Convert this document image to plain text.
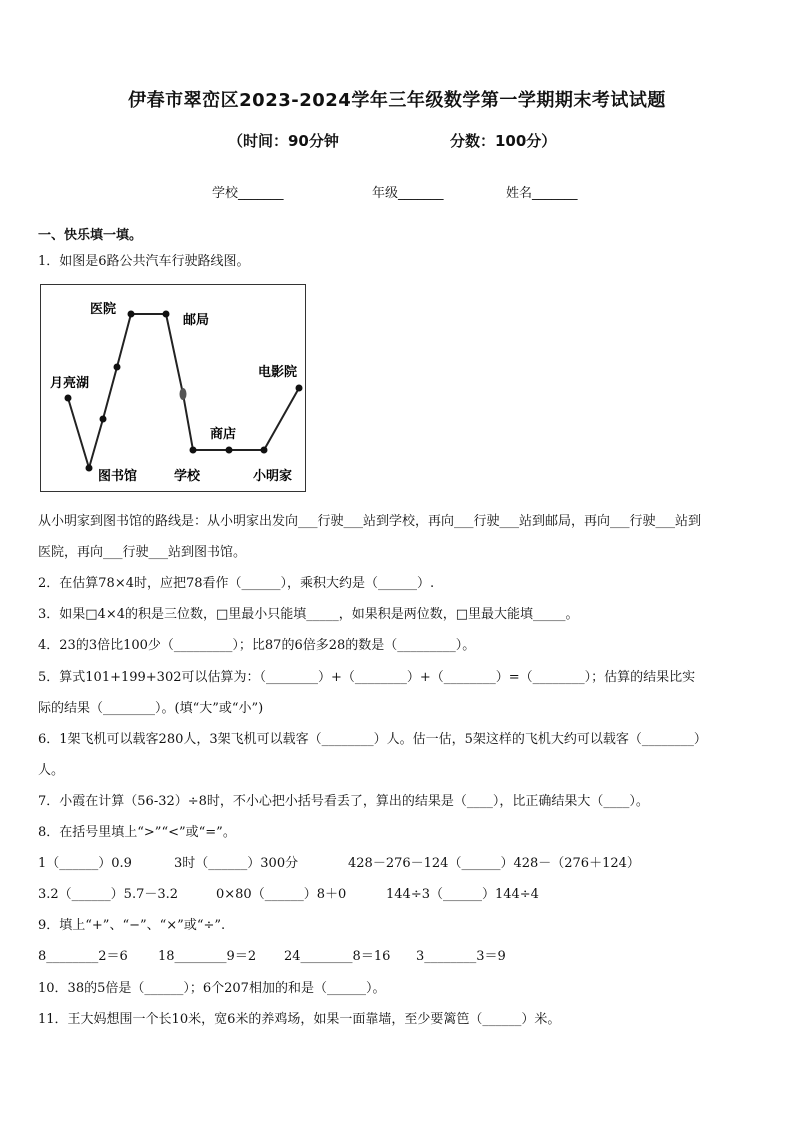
伊春市翠峦区2023-2024学年三年级数学第一学期期末考试试题
（时间：90分钟	分数：100分）
学校_______	年级_______	姓名_______
一、快乐填一填。
1．如图是6路公共汽车行驶路线图。
医院
邮局
月亮湖
电影院
商店
图书馆	学校	小明家
从小明家到图书馆的路线是：从小明家出发向___行驶___站到学校，再向___行驶___站到邮局，再向___行驶___站到
医院，再向___行驶___站到图书馆。
2．在估算78×4时，应把78看作（______），乘积大约是（______）.
3．如果□4×4的积是三位数，□里最小只能填_____，如果积是两位数，□里最大能填_____。
4．23的3倍比100少（_________）；比87的6倍多28的数是（_________）。
5．算式101+199+302可以估算为：（________）+（________）+（________）=（________）；估算的结果比实
际的结果（________）。(填“大”或“小”)
6．1架飞机可以载客280人，3架飞机可以载客（________）人。估一估，5架这样的飞机大约可以载客（________）
人。
7．小霞在计算（56-32）÷8时，不小心把小括号看丢了，算出的结果是（____），比正确结果大（____）。
8．在括号里填上“>”“<”或“=”。
1（______）0.9	3时（______）300分	428－276－124（______）428－（276＋124）
3.2（______）5.7－3.2	0×80（______）8＋0	144÷3（______）144÷4
9．填上“+”、“−”、“×”或“÷”.
8________2＝6 18________9＝2 24________8＝16 3________3＝9
10．38的5倍是（______）；6个207相加的和是（______）。
11．王大妈想围一个长10米，宽6米的养鸡场，如果一面靠墙，至少要篱笆（______）米。
